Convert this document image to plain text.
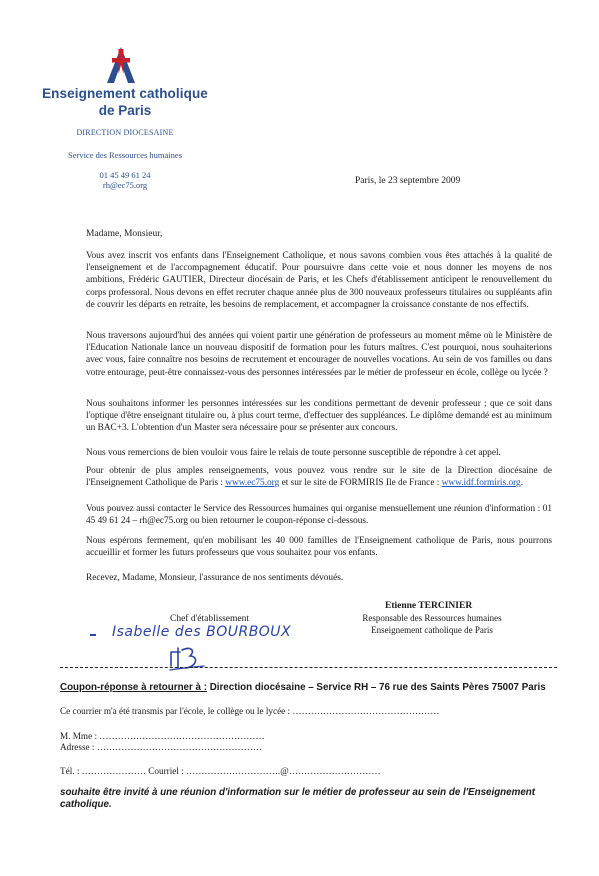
Enseignement catholique
de Paris
DIRECTION DIOCESAINE
Service des Ressources humaines
01 45 49 61 24
rh@ec75.org	Paris, le 23 septembre 2009
Madame, Monsieur,
Vous avez inscrit vos enfants dans l'Enseignement Catholique, et nous savons combien vous êtes attachés à la qualité de l'enseignement et de l'accompagnement éducatif. Pour poursuivre dans cette voie et nous donner les moyens de nos ambitions, Frédéric GAUTIER, Directeur diocésain de Paris, et les Chefs d'établissement anticipent le renouvellement du corps professoral. Nous devons en effet recruter chaque année plus de 300 nouveaux professeurs titulaires ou suppléants afin de couvrir les départs en retraite, les besoins de remplacement, et accompagner la croissance constante de nos effectifs.
Nous traversons aujourd'hui des années qui voient partir une génération de professeurs au moment même où le Ministère de l'Education Nationale lance un nouveau dispositif de formation pour les futurs maîtres. C'est pourquoi, nous souhaiterions avec vous, faire connaître nos besoins de recrutement et encourager de nouvelles vocations. Au sein de vos familles ou dans votre entourage, peut-être connaissez-vous des personnes intéressées par le métier de professeur en école, collège ou lycée ?
Nous souhaitons informer les personnes intéressées sur les conditions permettant de devenir professeur ; que ce soit dans l'optique d'être enseignant titulaire ou, à plus court terme, d'effectuer des suppléances. Le diplôme demandé est au minimum un BAC+3. L'obtention d'un Master sera nécessaire pour se présenter aux concours.
Nous vous remercions de bien vouloir vous faire le relais de toute personne susceptible de répondre à cet appel.
Pour obtenir de plus amples renseignements, vous pouvez vous rendre sur le site de la Direction diocésaine de l'Enseignement Catholique de Paris : www.ec75.org et sur le site de FORMIRIS Ile de France : www.idf.formiris.org.
Vous pouvez aussi contacter le Service des Ressources humaines qui organise mensuellement une réunion d'information : 01 45 49 61 24 – rh@ec75.org ou bien retourner le coupon-réponse ci-dessous.
Nous espérons fermement, qu'en mobilisant les 40 000 familles de l'Enseignement catholique de Paris, nous pourrons accueillir et former les futurs professeurs que vous souhaitez pour vos enfants.
Recevez, Madame, Monsieur, l'assurance de nos sentiments dévoués.
Chef d'établissement
Isabelle des BOURBOUX
Etienne TERCINIER
Responsable des Ressources humaines
Enseignement catholique de Paris
Coupon-réponse à retourner à : Direction diocésaine – Service RH – 76 rue des Saints Pères 75007 Paris
Ce courrier m'a été transmis par l'école, le collège ou le lycée : …………………………………………
M. Mme : ………………………………………………
Adresse : ………………………………………………
Tél. : ………………… Courriel : ………………………….@…………………………
souhaite être invité à une réunion d'information sur le métier de professeur au sein de l'Enseignement catholique.
